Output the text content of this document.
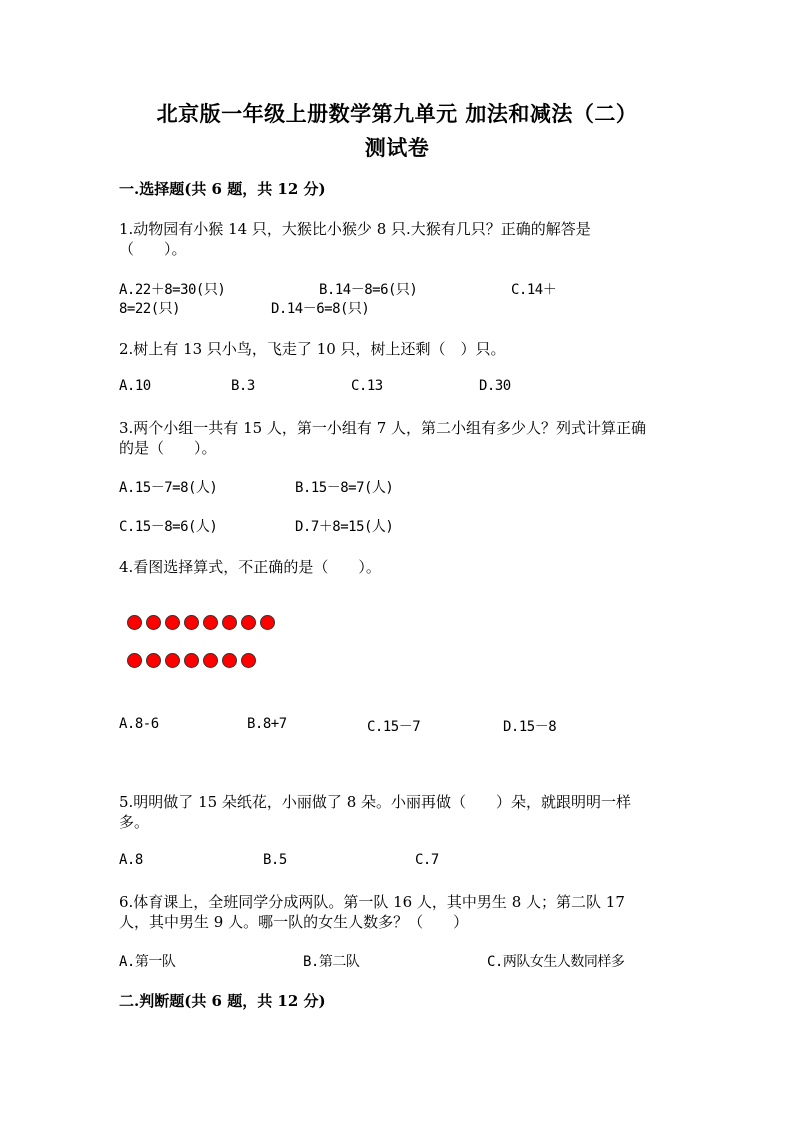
北京版一年级上册数学第九单元 加法和减法（二）
测试卷
一.选择题(共 6 题，共 12 分)
1.动物园有小猴 14 只，大猴比小猴少 8 只.大猴有几只？正确的解答是
（　　）。
A.22＋8=30(只)	B.14－8=6(只)	C.14＋
8=22(只)	D.14－6=8(只)
2.树上有 13 只小鸟，飞走了 10 只，树上还剩（　）只。
A.10	B.3	C.13	D.30
3.两个小组一共有 15 人，第一小组有 7 人，第二小组有多少人？列式计算正确
的是（　　）。
A.15－7=8(人)	B.15－8=7(人)
C.15－8=6(人)	D.7＋8=15(人)
4.看图选择算式，不正确的是（　　）。
A.8-6	B.8+7	C.15－7	D.15－8
5.明明做了 15 朵纸花，小丽做了 8 朵。小丽再做（　　）朵，就跟明明一样
多。
A.8	B.5	C.7
6.体育课上，全班同学分成两队。第一队 16 人，其中男生 8 人；第二队 17
人，其中男生 9 人。哪一队的女生人数多？（　　）
A.第一队	B.第二队	C.两队女生人数同样多
二.判断题(共 6 题，共 12 分)
